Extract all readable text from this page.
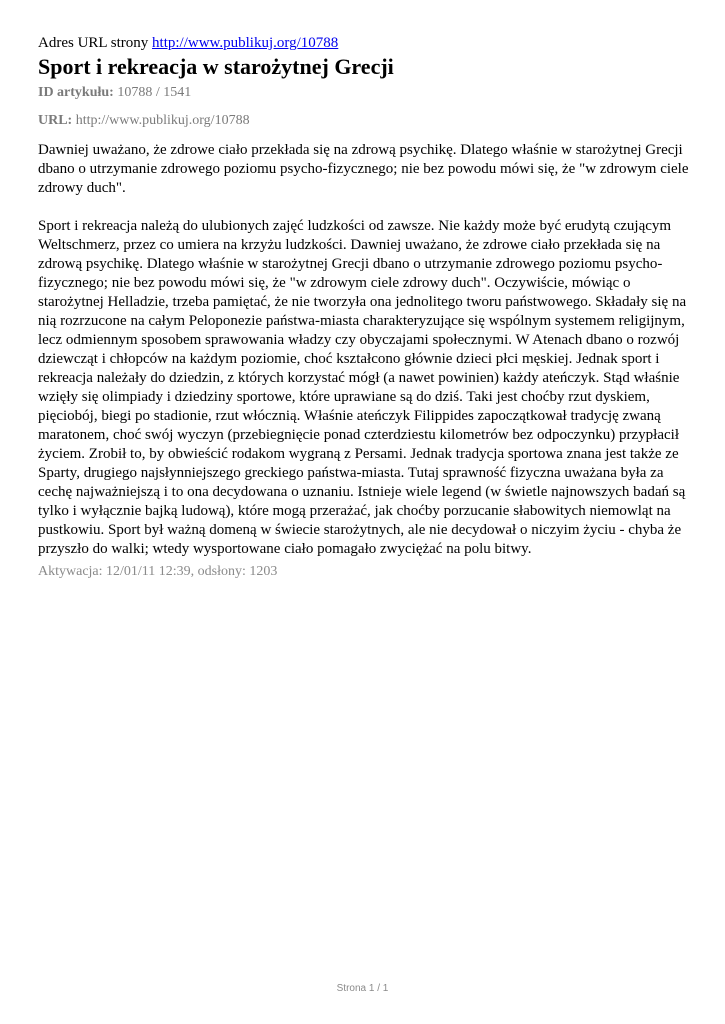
Adres URL strony http://www.publikuj.org/10788
Sport i rekreacja w starożytnej Grecji
ID artykułu: 10788 / 1541
URL: http://www.publikuj.org/10788
Dawniej uważano, że zdrowe ciało przekłada się na zdrową psychikę. Dlatego właśnie w starożytnej Grecji dbano o utrzymanie zdrowego poziomu psycho-fizycznego; nie bez powodu mówi się, że "w zdrowym ciele zdrowy duch".
Sport i rekreacja należą do ulubionych zajęć ludzkości od zawsze. Nie każdy może być erudytą czującym Weltschmerz, przez co umiera na krzyżu ludzkości. Dawniej uważano, że zdrowe ciało przekłada się na zdrową psychikę. Dlatego właśnie w starożytnej Grecji dbano o utrzymanie zdrowego poziomu psycho-fizycznego; nie bez powodu mówi się, że "w zdrowym ciele zdrowy duch". Oczywiście, mówiąc o starożytnej Helladzie, trzeba pamiętać, że nie tworzyła ona jednolitego tworu państwowego. Składały się na nią rozrzucone na całym Peloponezie państwa-miasta charakteryzujące się wspólnym systemem religijnym, lecz odmiennym sposobem sprawowania władzy czy obyczajami społecznymi. W Atenach dbano o rozwój dziewcząt i chłopców na każdym poziomie, choć kształcono głównie dzieci płci męskiej. Jednak sport i rekreacja należały do dziedzin, z których korzystać mógł (a nawet powinien) każdy ateńczyk. Stąd właśnie wzięły się olimpiady i dziedziny sportowe, które uprawiane są do dziś. Taki jest choćby rzut dyskiem, pięciobój, biegi po stadionie, rzut włócznią. Właśnie ateńczyk Filippides zapoczątkował tradycję zwaną maratonem, choć swój wyczyn (przebiegnięcie ponad czterdziestu kilometrów bez odpoczynku) przypłacił życiem. Zrobił to, by obwieścić rodakom wygraną z Persami. Jednak tradycja sportowa znana jest także ze Sparty, drugiego najsłynniejszego greckiego państwa-miasta. Tutaj sprawność fizyczna uważana była za cechę najważniejszą i to ona decydowana o uznaniu. Istnieje wiele legend (w świetle najnowszych badań są tylko i wyłącznie bajką ludową), które mogą przerażać, jak choćby porzucanie słabowitych niemowląt na pustkowiu. Sport był ważną domeną w świecie starożytnych, ale nie decydował o niczyim życiu - chyba że przyszło do walki; wtedy wysportowane ciało pomagało zwyciężać na polu bitwy.
Aktywacja: 12/01/11 12:39, odsłony: 1203
Strona 1 / 1
